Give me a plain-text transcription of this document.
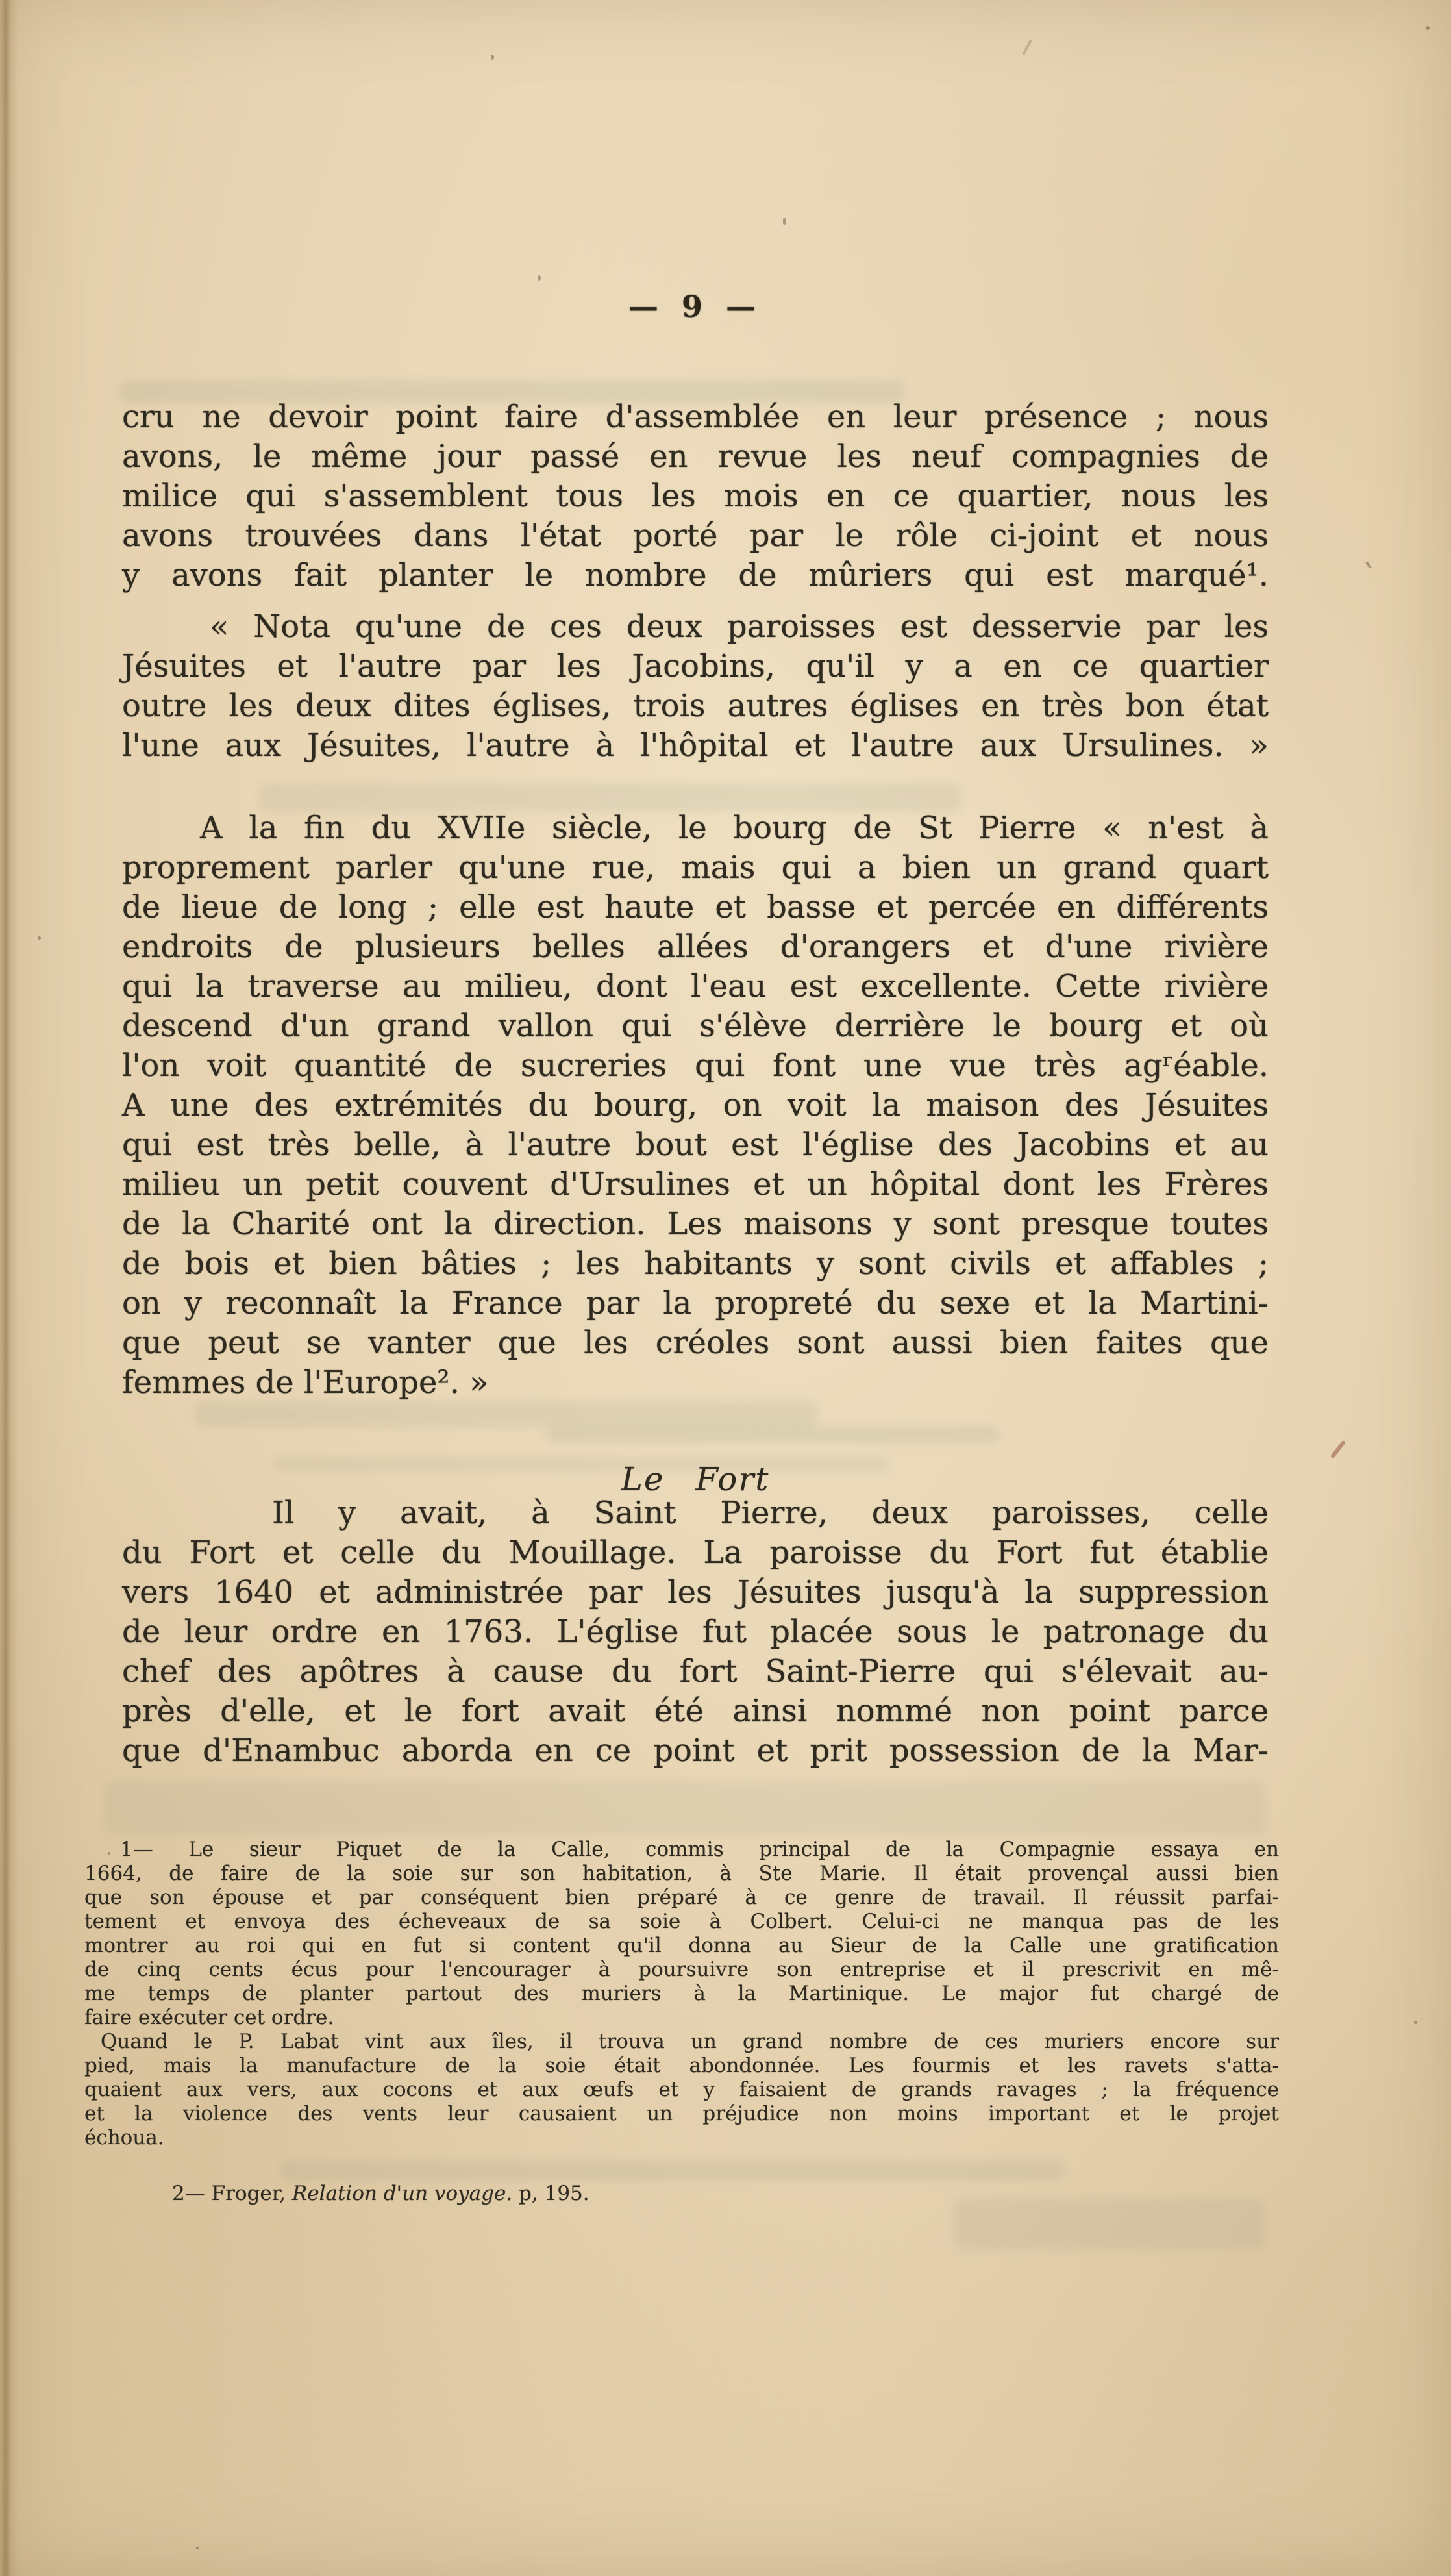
— 9 —
cru ne devoir point faire d'assemblée en leur présence ; nous
avons, le même jour passé en revue les neuf compagnies de
milice qui s'assemblent tous les mois en ce quartier, nous les
avons trouvées dans l'état porté par le rôle ci-joint et nous
y avons fait planter le nombre de mûriers qui est marqué¹.
« Nota qu'une de ces deux paroisses est desservie par les
Jésuites et l'autre par les Jacobins, qu'il y a en ce quartier
outre les deux dites églises, trois autres églises en très bon état
l'une aux Jésuites, l'autre à l'hôpital et l'autre aux Ursulines. »
A la fin du XVIIe siècle, le bourg de St Pierre « n'est à
proprement parler qu'une rue, mais qui a bien un grand quart
de lieue de long ; elle est haute et basse et percée en différents
endroits de plusieurs belles allées d'orangers et d'une rivière
qui la traverse au milieu, dont l'eau est excellente. Cette rivière
descend d'un grand vallon qui s'élève derrière le bourg et où
l'on voit quantité de sucreries qui font une vue très agʳéable.
A une des extrémités du bourg, on voit la maison des Jésuites
qui est très belle, à l'autre bout est l'église des Jacobins et au
milieu un petit couvent d'Ursulines et un hôpital dont les Frères
de la Charité ont la direction. Les maisons y sont presque toutes
de bois et bien bâties ; les habitants y sont civils et affables ;
on y reconnaît la France par la propreté du sexe et la Martini-
que peut se vanter que les créoles sont aussi bien faites que
femmes de l'Europe². »
Le Fort
Il y avait, à Saint Pierre, deux paroisses, celle
du Fort et celle du Mouillage. La paroisse du Fort fut établie
vers 1640 et administrée par les Jésuites jusqu'à la suppression
de leur ordre en 1763. L'église fut placée sous le patronage du
chef des apôtres à cause du fort Saint-Pierre qui s'élevait au-
près d'elle, et le fort avait été ainsi nommé non point parce
que d'Enambuc aborda en ce point et prit possession de la Mar-
1— Le sieur Piquet de la Calle, commis principal de la Compagnie essaya en
1664, de faire de la soie sur son habitation, à Ste Marie. Il était provençal aussi bien
que son épouse et par conséquent bien préparé à ce genre de travail. Il réussit parfai-
tement et envoya des écheveaux de sa soie à Colbert. Celui-ci ne manqua pas de les
montrer au roi qui en fut si content qu'il donna au Sieur de la Calle une gratification
de cinq cents écus pour l'encourager à poursuivre son entreprise et il prescrivit en mê-
me temps de planter partout des muriers à la Martinique. Le major fut chargé de
faire exécuter cet ordre.
Quand le P. Labat vint aux îles, il trouva un grand nombre de ces muriers encore sur
pied, mais la manufacture de la soie était abondonnée. Les fourmis et les ravets s'atta-
quaient aux vers, aux cocons et aux œufs et y faisaient de grands ravages ; la fréquence
et la violence des vents leur causaient un préjudice non moins important et le projet
échoua.
2— Froger, Relation d'un voyage. p, 195.
